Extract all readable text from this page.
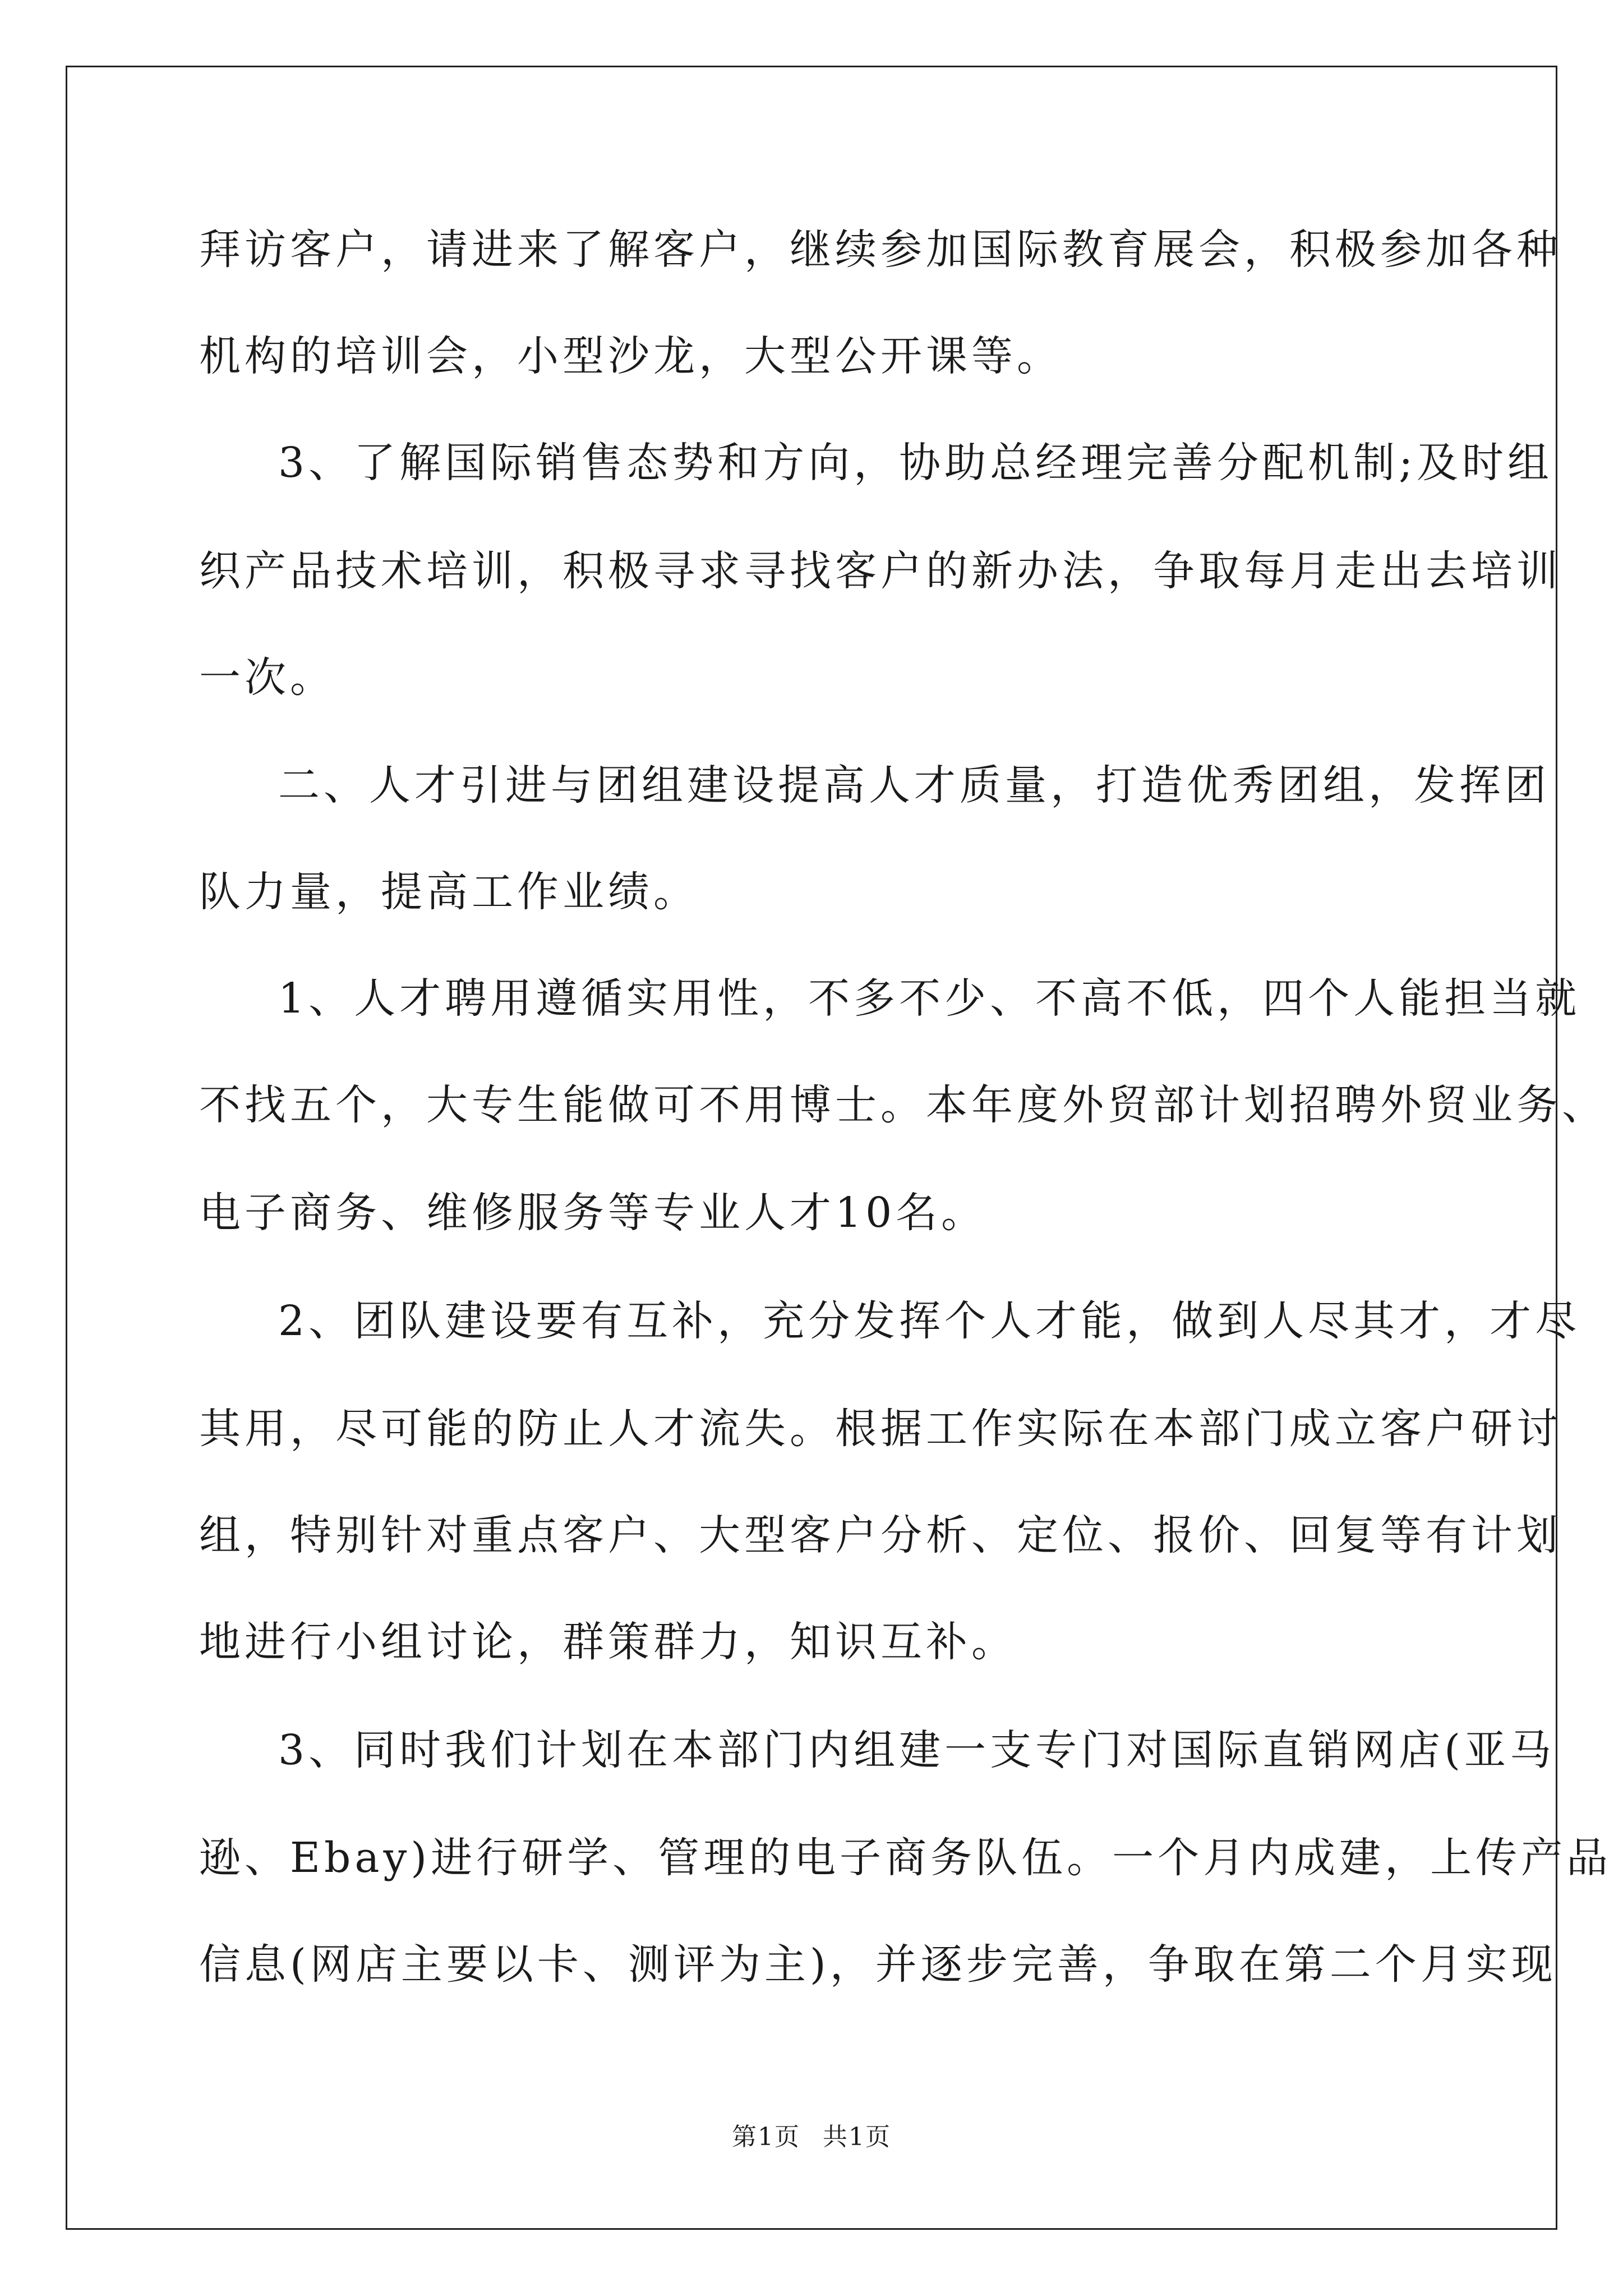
拜访客户，请进来了解客户，继续参加国际教育展会，积极参加各种
机构的培训会，小型沙龙，大型公开课等。
3、了解国际销售态势和方向，协助总经理完善分配机制;及时组
织产品技术培训，积极寻求寻找客户的新办法，争取每月走出去培训
一次。
二、人才引进与团组建设提高人才质量，打造优秀团组，发挥团
队力量，提高工作业绩。
1、人才聘用遵循实用性，不多不少、不高不低，四个人能担当就
不找五个，大专生能做可不用博士。本年度外贸部计划招聘外贸业务、
电子商务、维修服务等专业人才10名。
2、团队建设要有互补，充分发挥个人才能，做到人尽其才，才尽
其用，尽可能的防止人才流失。根据工作实际在本部门成立客户研讨
组，特别针对重点客户、大型客户分析、定位、报价、回复等有计划
地进行小组讨论，群策群力，知识互补。
3、同时我们计划在本部门内组建一支专门对国际直销网店(亚马
逊、Ebay)进行研学、管理的电子商务队伍。一个月内成建，上传产品
信息(网店主要以卡、测评为主)，并逐步完善，争取在第二个月实现
第1页 共1页
